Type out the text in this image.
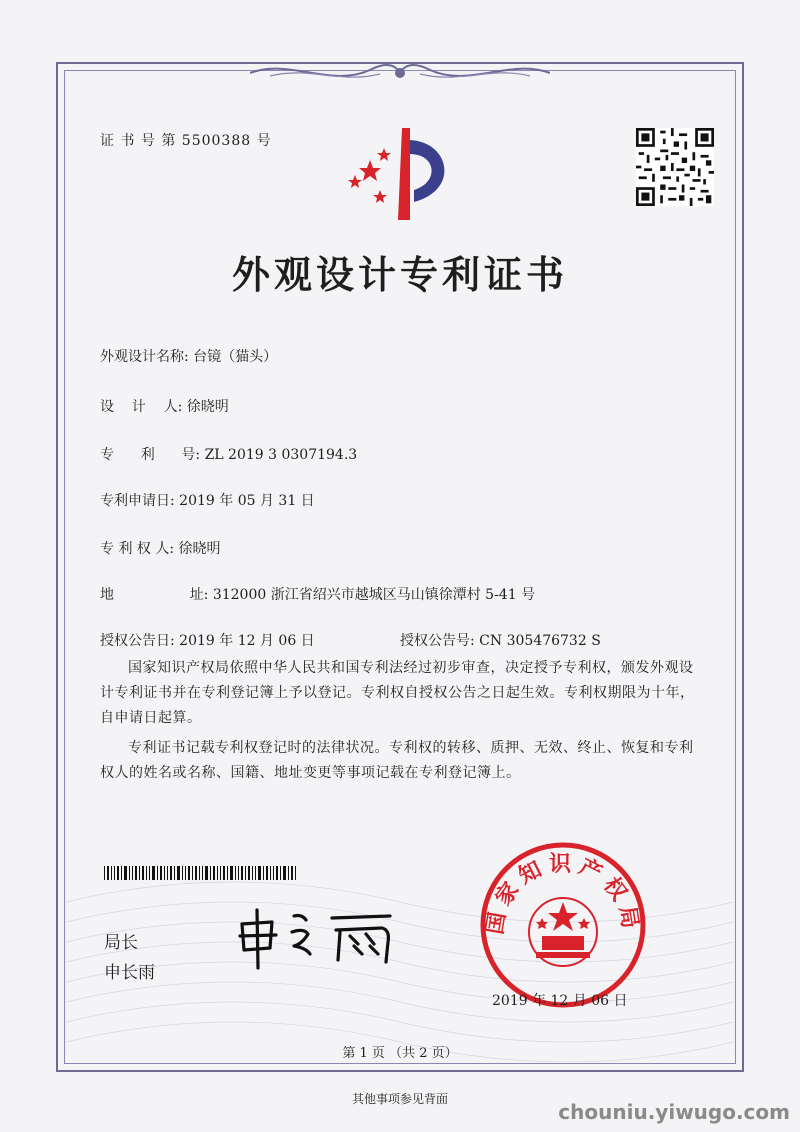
证 书 号 第 5500388 号
外观设计专利证书
外观设计名称: 台镜（猫头）
设    计    人: 徐晓明
专      利      号: ZL 2019 3 0307194.3
专利申请日: 2019 年 05 月 31 日
专 利 权 人: 徐晓明
地                 址: 312000 浙江省绍兴市越城区马山镇徐潭村 5-41 号
授权公告日: 2019 年 12 月 06 日	授权公告号: CN 305476732 S
国家知识产权局依照中华人民共和国专利法经过初步审查，决定授予专利权，颁发外观设计专利证书并在专利登记簿上予以登记。专利权自授权公告之日起生效。专利权期限为十年，自申请日起算。
专利证书记载专利权登记时的法律状况。专利权的转移、质押、无效、终止、恢复和专利权人的姓名或名称、国籍、地址变更等事项记载在专利登记簿上。
局长
申长雨
国家知识产权局
2019 年 12 月 06 日
第 1 页 （共 2 页）
其他事项参见背面
chouniu.yiwugo.com
